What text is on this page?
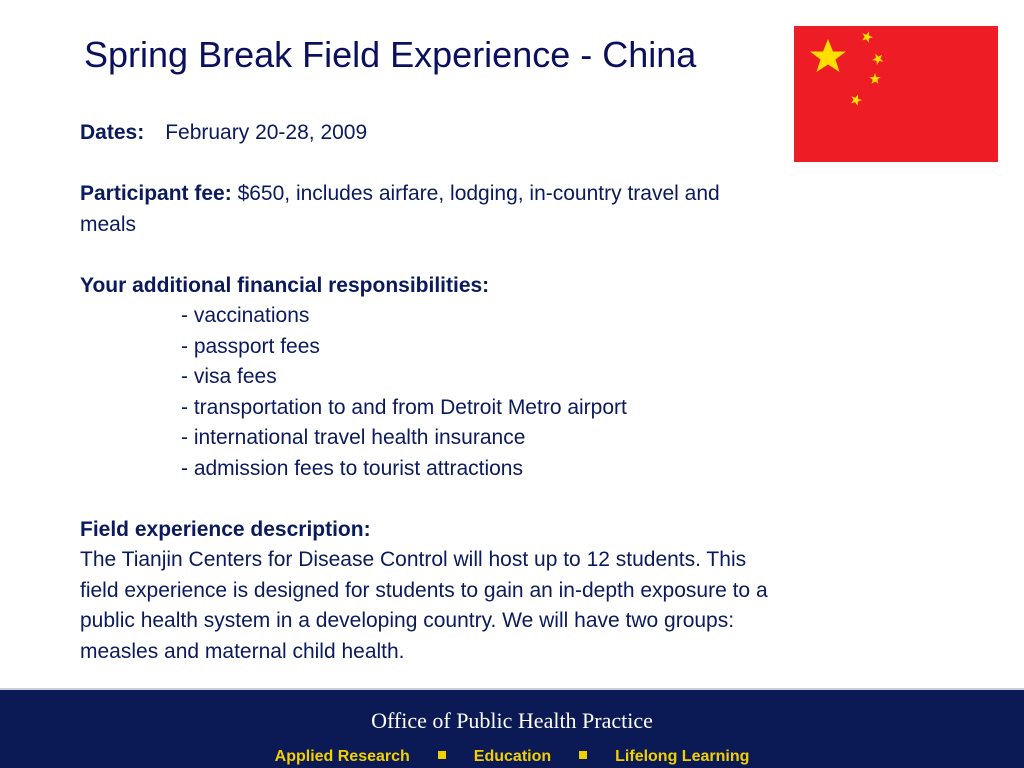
Spring Break Field Experience - China
Dates: February 20-28, 2009
Participant fee: $650, includes airfare, lodging, in-country travel and
meals
Your additional financial responsibilities:
- vaccinations
- passport fees
- visa fees
- transportation to and from Detroit Metro airport
- international travel health insurance
- admission fees to tourist attractions
Field experience description:
The Tianjin Centers for Disease Control will host up to 12 students. This
field experience is designed for students to gain an in-depth exposure to a
public health system in a developing country. We will have two groups:
measles and maternal child health.
Office of Public Health Practice
Applied Research	Education	Lifelong Learning
